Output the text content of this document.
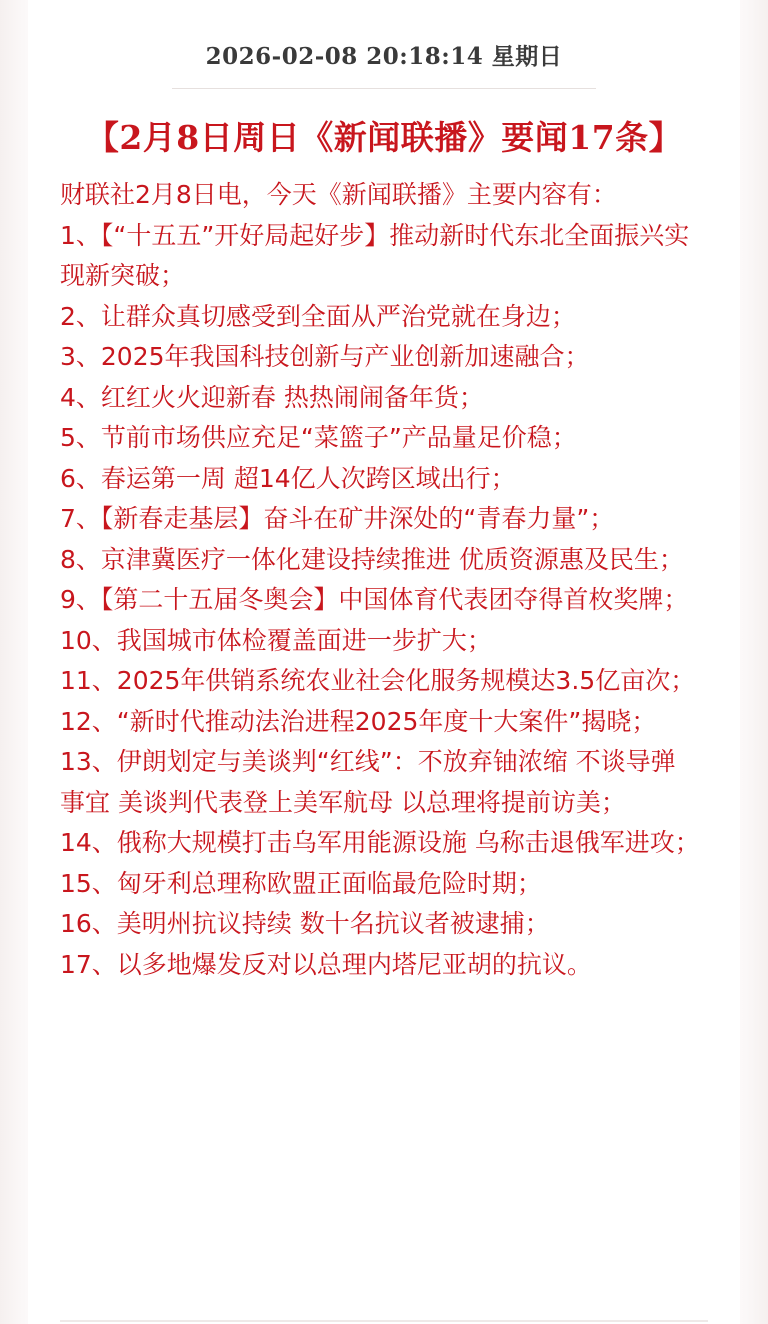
2026-02-08 20:18:14 星期日
【2月8日周日《新闻联播》要闻17条】

财联社2月8日电，今天《新闻联播》主要内容有：

1、【“十五五”开好局起好步】推动新时代东北全面振兴实现新突破；

2、让群众真切感受到全面从严治党就在身边；

3、2025年我国科技创新与产业创新加速融合；

4、红红火火迎新春 热热闹闹备年货；

5、节前市场供应充足“菜篮子”产品量足价稳；

6、春运第一周 超14亿人次跨区域出行；

7、【新春走基层】奋斗在矿井深处的“青春力量”；

8、京津冀医疗一体化建设持续推进 优质资源惠及民生；

9、【第二十五届冬奥会】中国体育代表团夺得首枚奖牌；

10、我国城市体检覆盖面进一步扩大；

11、2025年供销系统农业社会化服务规模达3.5亿亩次；

12、“新时代推动法治进程2025年度十大案件”揭晓；

13、伊朗划定与美谈判“红线”：不放弃铀浓缩 不谈导弹事宜 美谈判代表登上美军航母 以总理将提前访美；

14、俄称大规模打击乌军用能源设施 乌称击退俄军进攻；

15、匈牙利总理称欧盟正面临最危险时期；

16、美明州抗议持续 数十名抗议者被逮捕；

17、以多地爆发反对以总理内塔尼亚胡的抗议。
